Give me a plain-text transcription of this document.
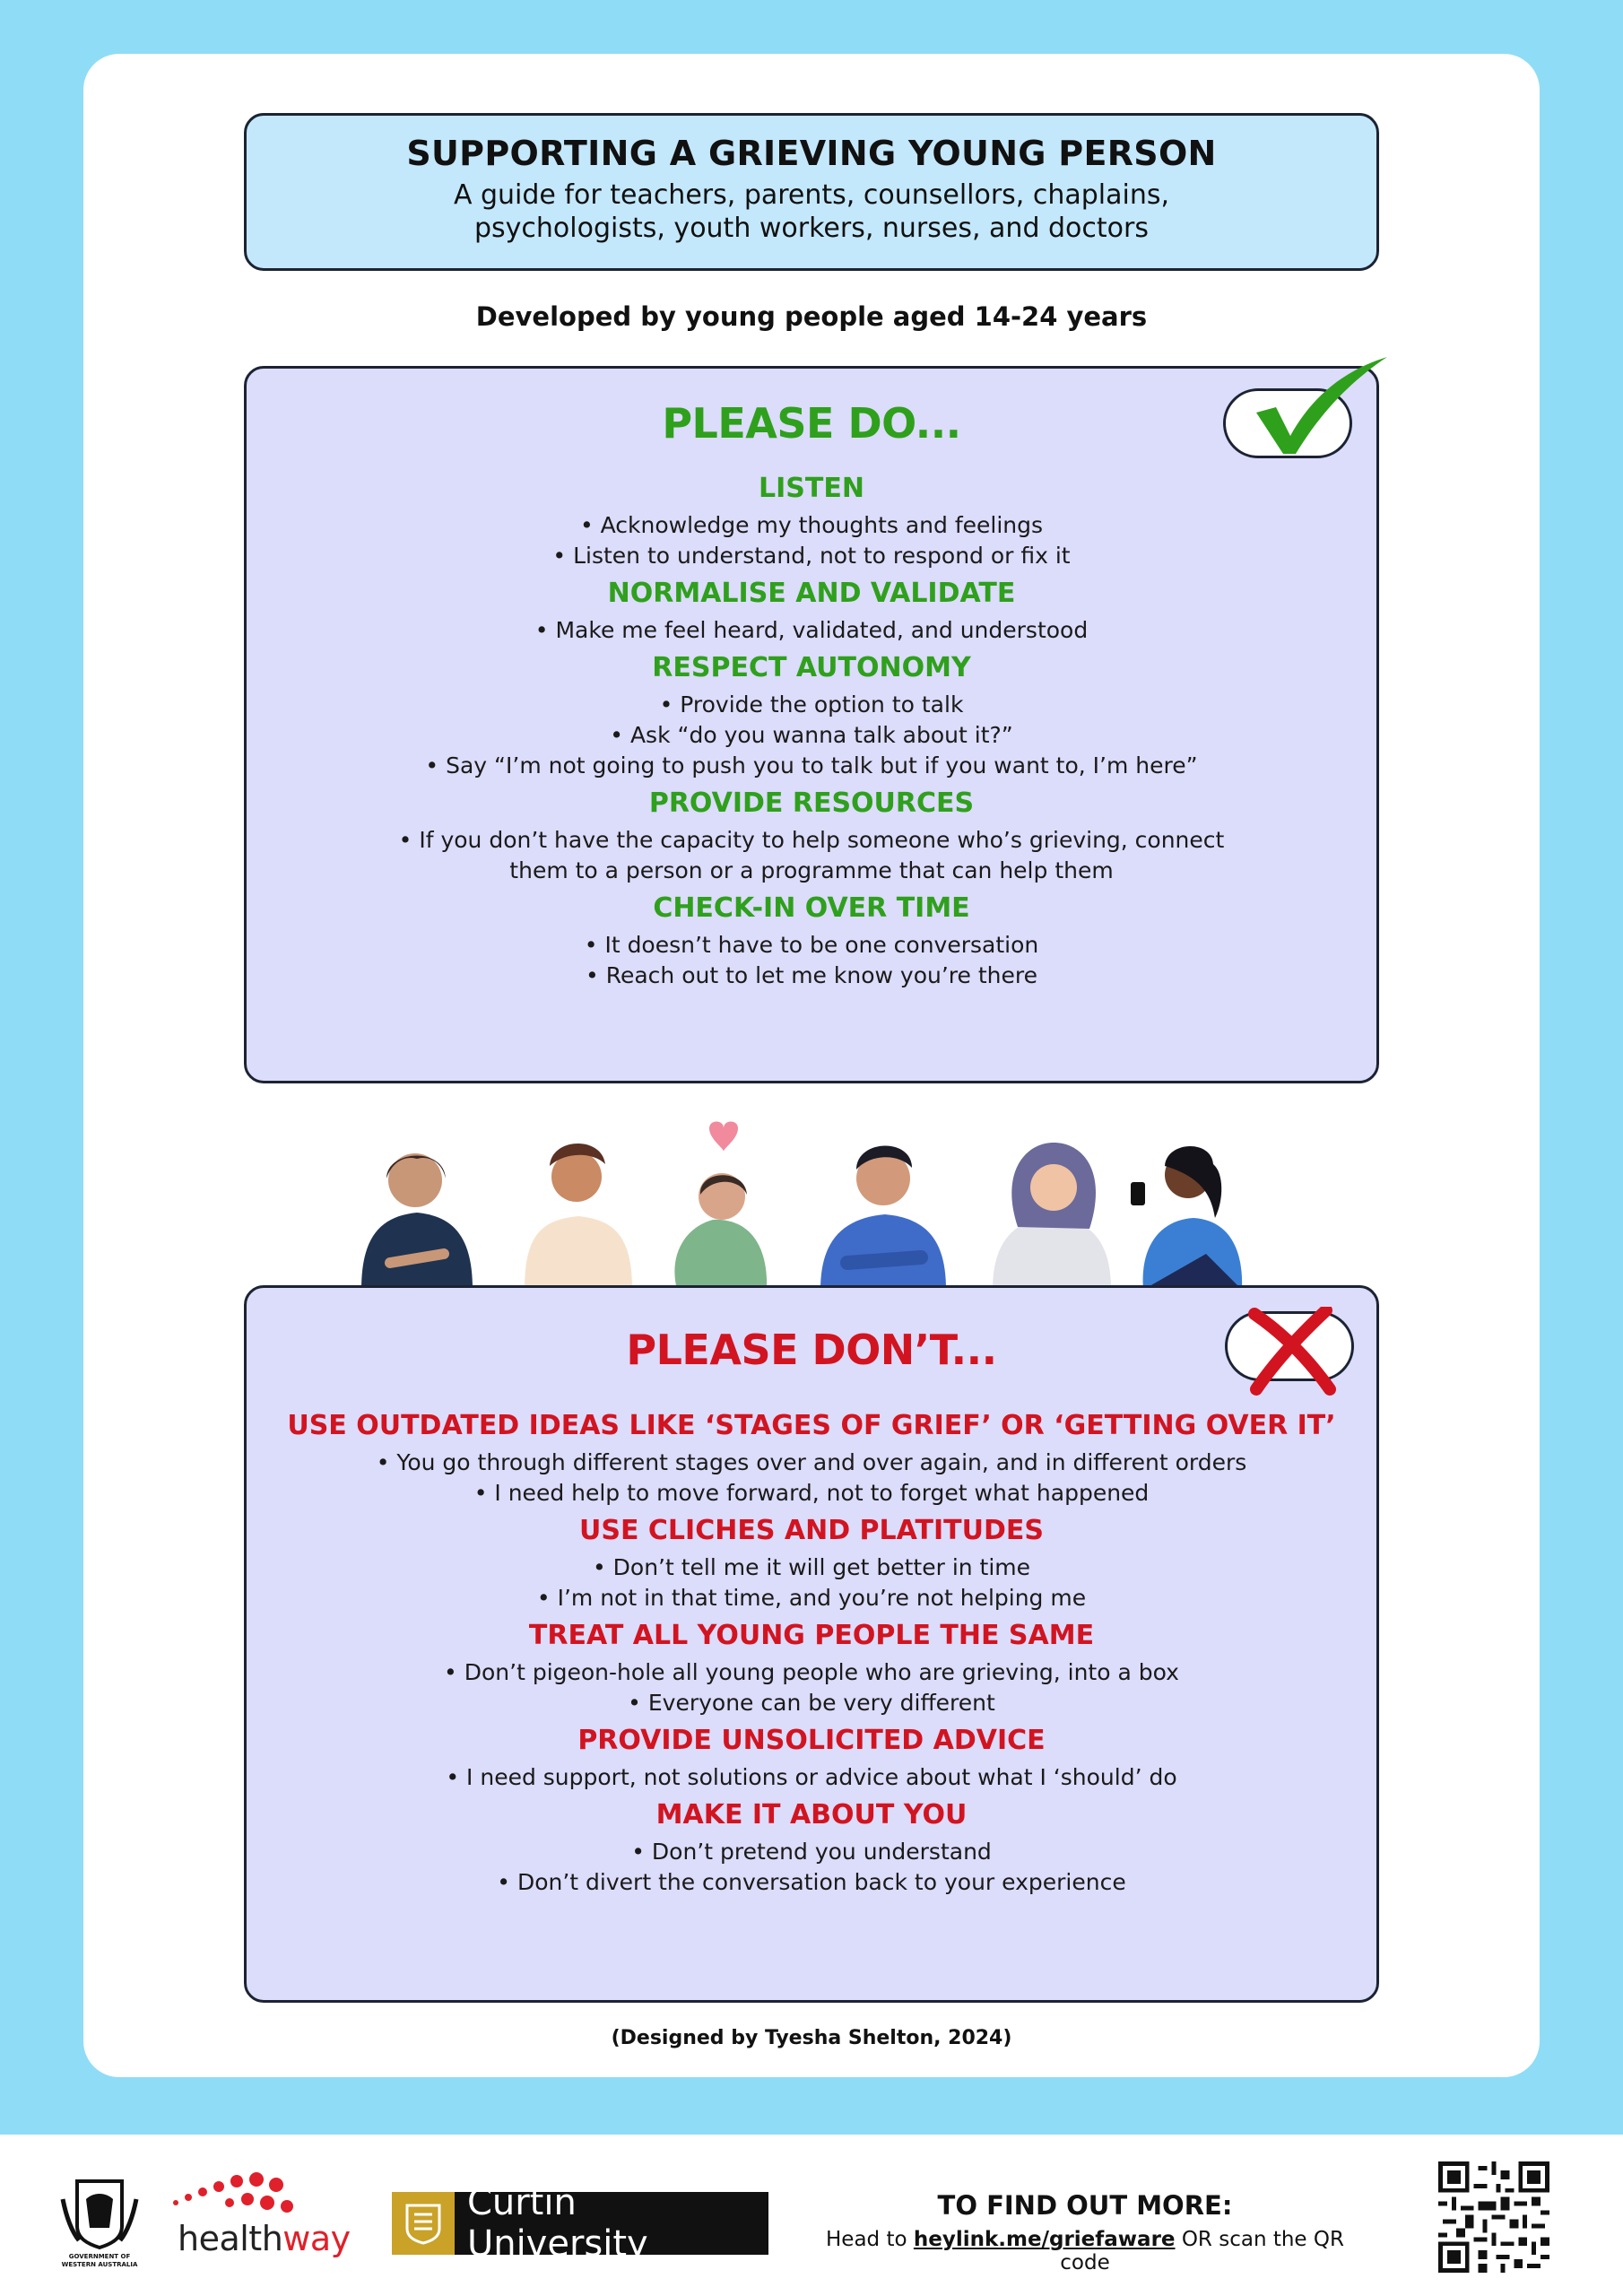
SUPPORTING A GRIEVING YOUNG PERSON

A guide for teachers, parents, counsellors, chaplains, psychologists, youth workers, nurses, and doctors

Developed by young people aged 14-24 years
PLEASE DO...
LISTEN
• Acknowledge my thoughts and feelings
• Listen to understand, not to respond or fix it
NORMALISE AND VALIDATE
• Make me feel heard, validated, and understood
RESPECT AUTONOMY
• Provide the option to talk
• Ask “do you wanna talk about it?”
• Say “I’m not going to push you to talk but if you want to, I’m here”
PROVIDE RESOURCES
• If you don’t have the capacity to help someone who’s grieving, connect
them to a person or a programme that can help them
CHECK-IN OVER TIME
• It doesn’t have to be one conversation
• Reach out to let me know you’re there
PLEASE DON’T...
USE OUTDATED IDEAS LIKE ‘STAGES OF GRIEF’ OR ‘GETTING OVER IT’
• You go through different stages over and over again, and in different orders
• I need help to move forward, not to forget what happened
USE CLICHES AND PLATITUDES
• Don’t tell me it will get better in time
• I’m not in that time, and you’re not helping me
TREAT ALL YOUNG PEOPLE THE SAME
• Don’t pigeon-hole all young people who are grieving, into a box
• Everyone can be very different
PROVIDE UNSOLICITED ADVICE
• I need support, not solutions or advice about what I ‘should’ do
MAKE IT ABOUT YOU
• Don’t pretend you understand
• Don’t divert the conversation back to your experience
(Designed by Tyesha Shelton, 2024)
GOVERNMENT OF
WESTERN AUSTRALIA
healthway
Curtin University
TO FIND OUT MORE:
Head to heylink.me/griefaware OR scan the QR code
